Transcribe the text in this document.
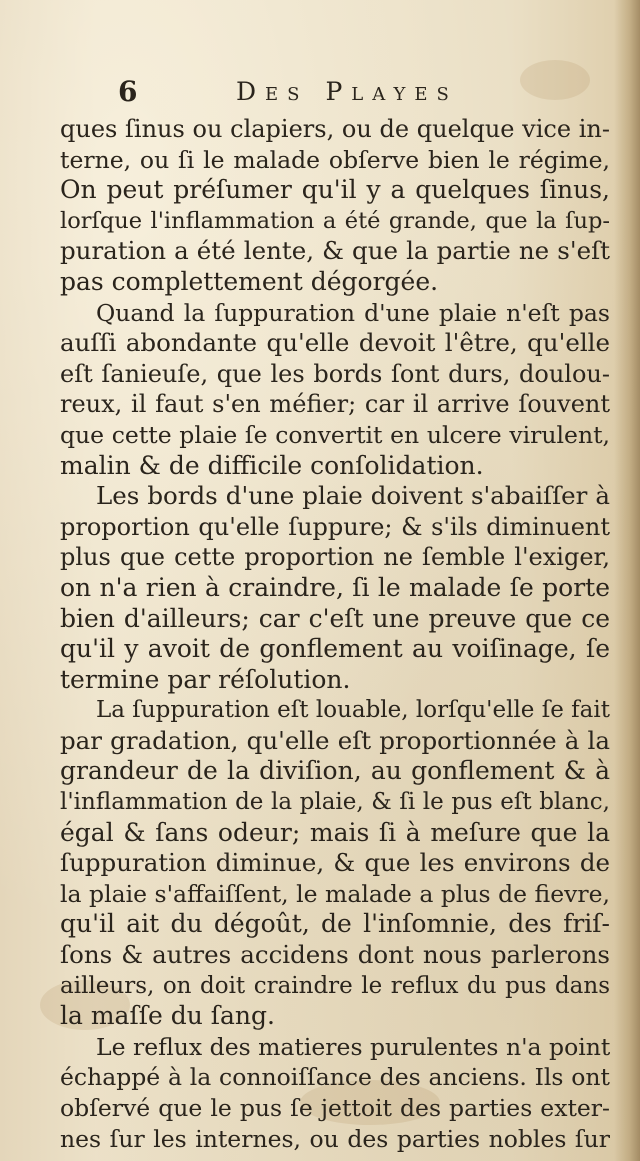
6	Des Playes
ques ſinus ou clapiers, ou de quelque vice in-
terne, ou ſi le malade obſerve bien le régime,
On peut préſumer qu'il y a quelques ſinus,
lorſque l'inflammation a été grande, que la ſup-
puration a été lente, & que la partie ne s'eſt
pas complettement dégorgée.
Quand la ſuppuration d'une plaie n'eſt pas
auſſi abondante qu'elle devoit l'être, qu'elle
eſt ſanieuſe, que les bords ſont durs, doulou-
reux, il faut s'en méfier; car il arrive ſouvent
que cette plaie ſe convertit en ulcere virulent,
malin & de difficile conſolidation.
Les bords d'une plaie doivent s'abaiſſer à
proportion qu'elle ſuppure; & s'ils diminuent
plus que cette proportion ne ſemble l'exiger,
on n'a rien à craindre, ſi le malade ſe porte
bien d'ailleurs; car c'eſt une preuve que ce
qu'il y avoit de gonflement au voiſinage, ſe
termine par réſolution.
La ſuppuration eſt louable, lorſqu'elle ſe fait
par gradation, qu'elle eſt proportionnée à la
grandeur de la diviſion, au gonflement & à
l'inflammation de la plaie, & ſi le pus eſt blanc,
égal & ſans odeur; mais ſi à meſure que la
ſuppuration diminue, & que les environs de
la plaie s'affaiſſent, le malade a plus de fievre,
qu'il ait du dégoût, de l'inſomnie, des friſ-
ſons & autres accidens dont nous parlerons
ailleurs, on doit craindre le reflux du pus dans
la maſſe du ſang.
Le reflux des matieres purulentes n'a point
échappé à la connoiſſance des anciens. Ils ont
obſervé que le pus ſe jettoit des parties exter-
nes ſur les internes, ou des parties nobles ſur
